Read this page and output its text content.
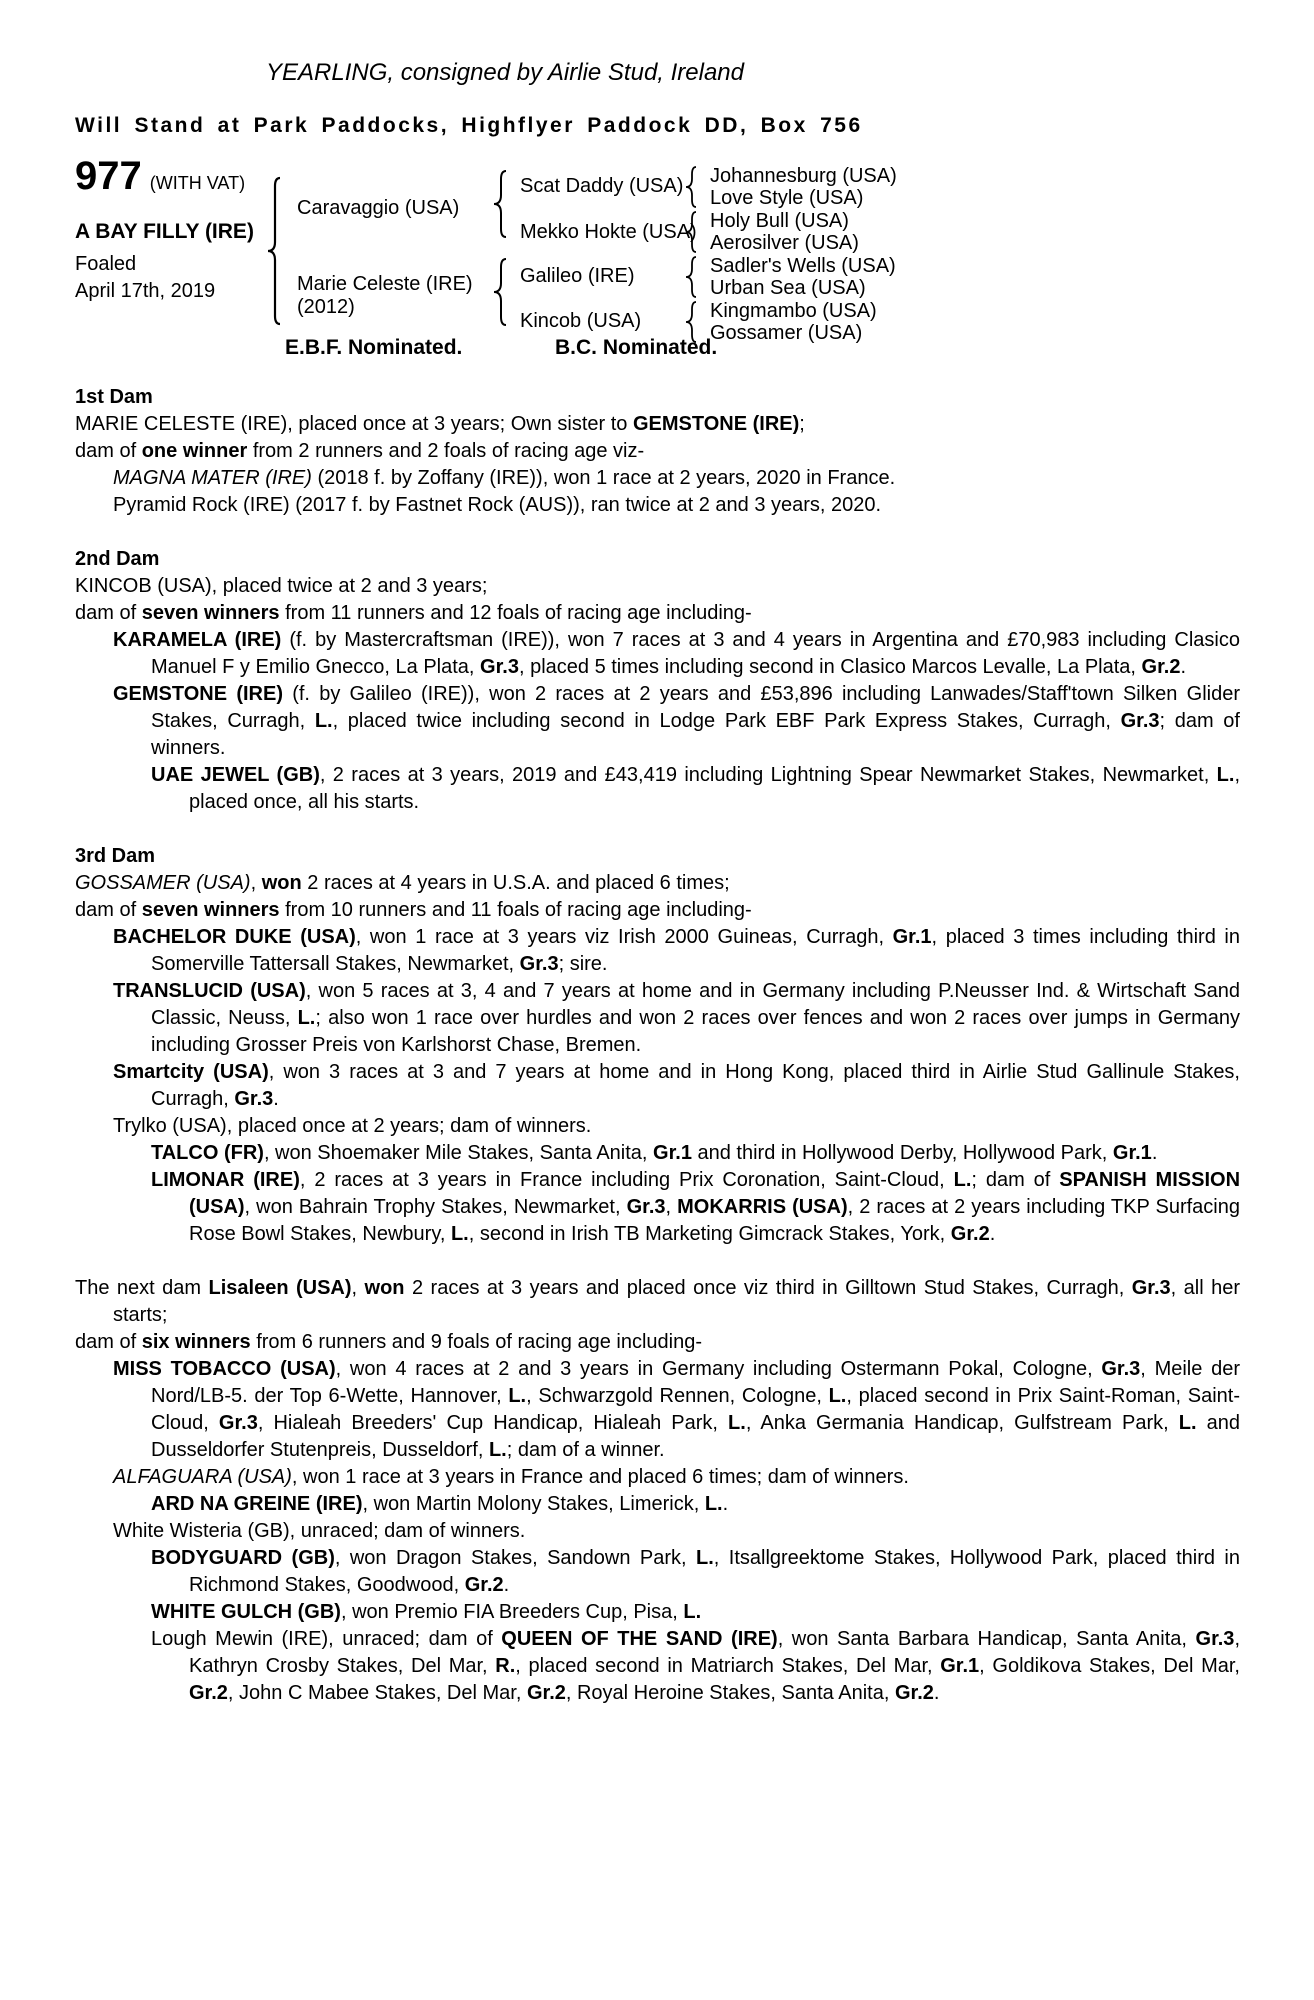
YEARLING, consigned by Airlie Stud, Ireland
Will Stand at Park Paddocks, Highflyer Paddock DD, Box 756
977 (WITH VAT)
A BAY FILLY (IRE)
Foaled
April 17th, 2019
Caravaggio (USA)
Marie Celeste (IRE)
(2012)
Scat Daddy (USA)
Mekko Hokte (USA)
Galileo (IRE)
Kincob (USA)
Johannesburg (USA)
Love Style (USA)
Holy Bull (USA)
Aerosilver (USA)
Sadler's Wells (USA)
Urban Sea (USA)
Kingmambo (USA)
Gossamer (USA)
E.B.F. Nominated.	B.C. Nominated.
1st Dam

MARIE CELESTE (IRE), placed once at 3 years; Own sister to GEMSTONE (IRE);

dam of one winner from 2 runners and 2 foals of racing age viz-

MAGNA MATER (IRE) (2018 f. by Zoffany (IRE)), won 1 race at 2 years, 2020 in France.

Pyramid Rock (IRE) (2017 f. by Fastnet Rock (AUS)), ran twice at 2 and 3 years, 2020.

2nd Dam

KINCOB (USA), placed twice at 2 and 3 years;

dam of seven winners from 11 runners and 12 foals of racing age including-

KARAMELA (IRE) (f. by Mastercraftsman (IRE)), won 7 races at 3 and 4 years in Argentina and £70,983 including Clasico Manuel F y Emilio Gnecco, La Plata, Gr.3, placed 5 times including second in Clasico Marcos Levalle, La Plata, Gr.2.

GEMSTONE (IRE) (f. by Galileo (IRE)), won 2 races at 2 years and £53,896 including Lanwades/Staff'town Silken Glider Stakes, Curragh, L., placed twice including second in Lodge Park EBF Park Express Stakes, Curragh, Gr.3; dam of winners.

UAE JEWEL (GB), 2 races at 3 years, 2019 and £43,419 including Lightning Spear Newmarket Stakes, Newmarket, L., placed once, all his starts.

3rd Dam

GOSSAMER (USA), won 2 races at 4 years in U.S.A. and placed 6 times;

dam of seven winners from 10 runners and 11 foals of racing age including-

BACHELOR DUKE (USA), won 1 race at 3 years viz Irish 2000 Guineas, Curragh, Gr.1, placed 3 times including third in Somerville Tattersall Stakes, Newmarket, Gr.3; sire.

TRANSLUCID (USA), won 5 races at 3, 4 and 7 years at home and in Germany including P.Neusser Ind. & Wirtschaft Sand Classic, Neuss, L.; also won 1 race over hurdles and won 2 races over fences and won 2 races over jumps in Germany including Grosser Preis von Karlshorst Chase, Bremen.

Smartcity (USA), won 3 races at 3 and 7 years at home and in Hong Kong, placed third in Airlie Stud Gallinule Stakes, Curragh, Gr.3.

Trylko (USA), placed once at 2 years; dam of winners.

TALCO (FR), won Shoemaker Mile Stakes, Santa Anita, Gr.1 and third in Hollywood Derby, Hollywood Park, Gr.1.

LIMONAR (IRE), 2 races at 3 years in France including Prix Coronation, Saint-Cloud, L.; dam of SPANISH MISSION (USA), won Bahrain Trophy Stakes, Newmarket, Gr.3, MOKARRIS (USA), 2 races at 2 years including TKP Surfacing Rose Bowl Stakes, Newbury, L., second in Irish TB Marketing Gimcrack Stakes, York, Gr.2.

The next dam Lisaleen (USA), won 2 races at 3 years and placed once viz third in Gilltown Stud Stakes, Curragh, Gr.3, all her starts;

dam of six winners from 6 runners and 9 foals of racing age including-

MISS TOBACCO (USA), won 4 races at 2 and 3 years in Germany including Ostermann Pokal, Cologne, Gr.3, Meile der Nord/LB-5. der Top 6-Wette, Hannover, L., Schwarzgold Rennen, Cologne, L., placed second in Prix Saint-Roman, Saint-Cloud, Gr.3, Hialeah Breeders' Cup Handicap, Hialeah Park, L., Anka Germania Handicap, Gulfstream Park, L. and Dusseldorfer Stutenpreis, Dusseldorf, L.; dam of a winner.

ALFAGUARA (USA), won 1 race at 3 years in France and placed 6 times; dam of winners.

ARD NA GREINE (IRE), won Martin Molony Stakes, Limerick, L..

White Wisteria (GB), unraced; dam of winners.

BODYGUARD (GB), won Dragon Stakes, Sandown Park, L., Itsallgreektome Stakes, Hollywood Park, placed third in Richmond Stakes, Goodwood, Gr.2.

WHITE GULCH (GB), won Premio FIA Breeders Cup, Pisa, L.

Lough Mewin (IRE), unraced; dam of QUEEN OF THE SAND (IRE), won Santa Barbara Handicap, Santa Anita, Gr.3, Kathryn Crosby Stakes, Del Mar, R., placed second in Matriarch Stakes, Del Mar, Gr.1, Goldikova Stakes, Del Mar, Gr.2, John C Mabee Stakes, Del Mar, Gr.2, Royal Heroine Stakes, Santa Anita, Gr.2.
